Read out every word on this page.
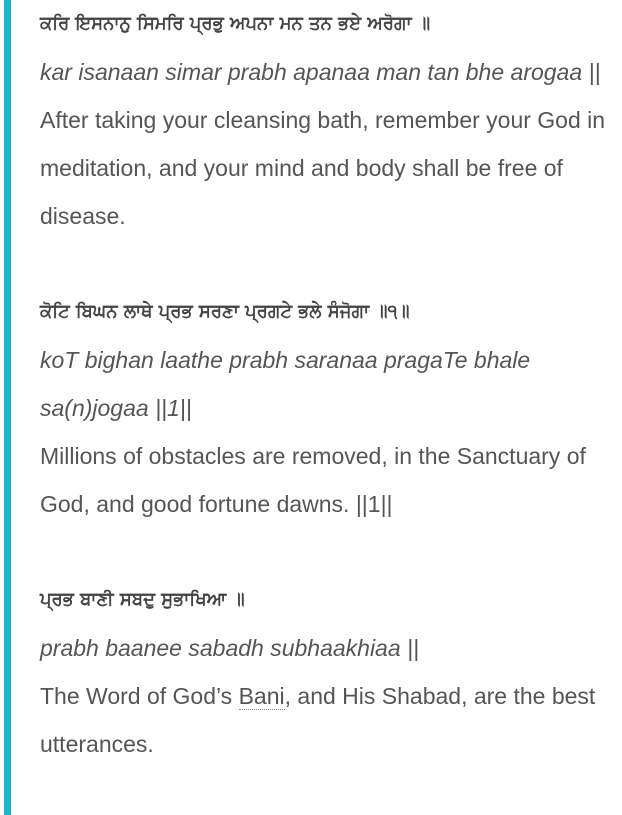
ਕਰਿ ਇਸਨਾਨੁ ਸਿਮਰਿ ਪ੍ਰਭੁ ਅਪਨਾ ਮਨ ਤਨ ਭਏ ਅਰੋਗਾ ॥
kar isanaan simar prabh apanaa man tan bhe arogaa ||
After taking your cleansing bath, remember your God in meditation, and your mind and body shall be free of disease.
ਕੋਟਿ ਬਿਘਨ ਲਾਥੇ ਪ੍ਰਭ ਸਰਣਾ ਪ੍ਰਗਟੇ ਭਲੇ ਸੰਜੋਗਾ ॥੧॥
koT bighan laathe prabh saranaa pragaTe bhale sa(n)jogaa ||1||
Millions of obstacles are removed, in the Sanctuary of God, and good fortune dawns. ||1||
ਪ੍ਰਭ ਬਾਣੀ ਸਬਦੁ ਸੁਭਾਖਿਆ ॥
prabh baanee sabadh subhaakhiaa ||
The Word of God’s Bani, and His Shabad, are the best utterances.
